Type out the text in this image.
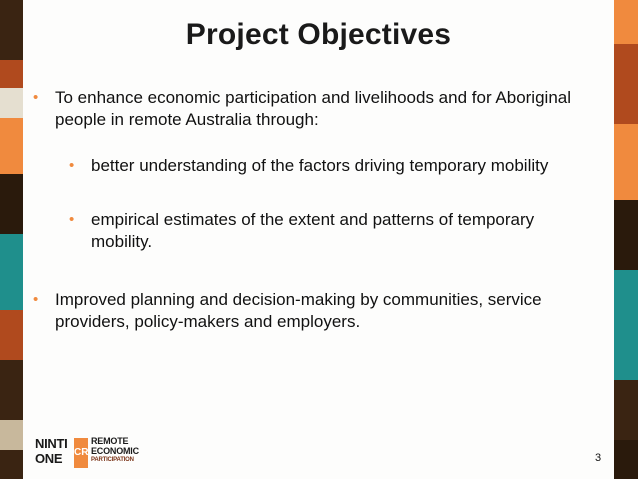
Project Objectives
• To enhance economic participation and livelihoods and for Aboriginal people in remote Australia through:
• better understanding of the factors driving temporary mobility
• empirical estimates of the extent and patterns of temporary mobility.
• Improved planning and decision-making by communities, service providers, policy-makers and employers.
NINTI
ONE	CRC
REMOTE
ECONOMIC
PARTICIPATION	3
